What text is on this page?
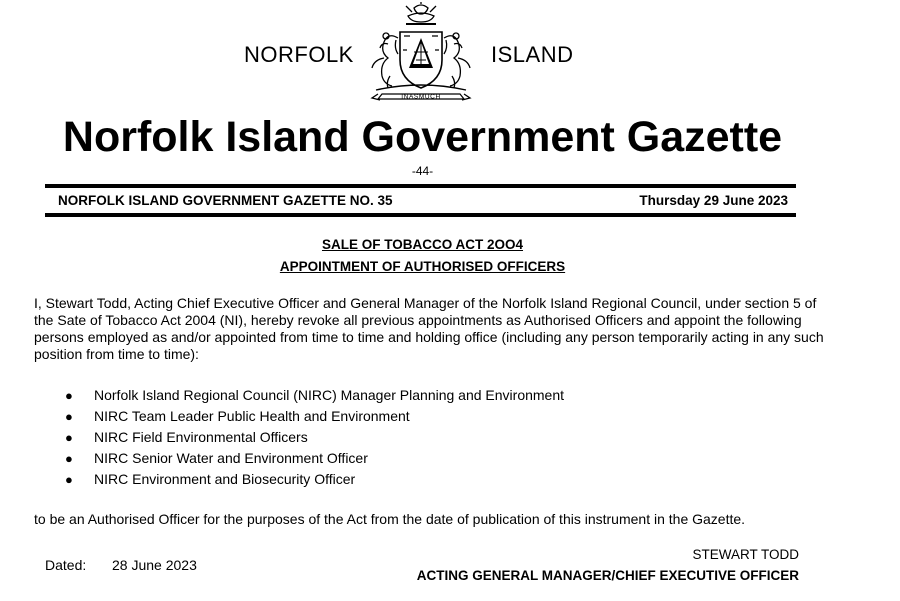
NORFOLK
INASMUCH
ISLAND
Norfolk Island Government Gazette
-44-
NORFOLK ISLAND GOVERNMENT GAZETTE NO. 35	Thursday 29 June 2023
SALE OF TOBACCO ACT 2OO4
APPOINTMENT OF AUTHORISED OFFICERS
I, Stewart Todd, Acting Chief Executive Officer and General Manager of the Norfolk Island Regional Council, under section 5 of the Sate of Tobacco Act 2004 (NI), hereby revoke all previous appointments as Authorised Officers and appoint the following persons employed as and/or appointed from time to time and holding office (including any person temporarily acting in any such position from time to time):
● Norfolk Island Regional Council (NIRC) Manager Planning and Environment
● NIRC Team Leader Public Health and Environment
● NIRC Field Environmental Officers
● NIRC Senior Water and Environment Officer
● NIRC Environment and Biosecurity Officer
to be an Authorised Officer for the purposes of the Act from the date of publication of this instrument in the Gazette.
Dated: 28 June 2023
STEWART TODD
ACTING GENERAL MANAGER/CHIEF EXECUTIVE OFFICER
